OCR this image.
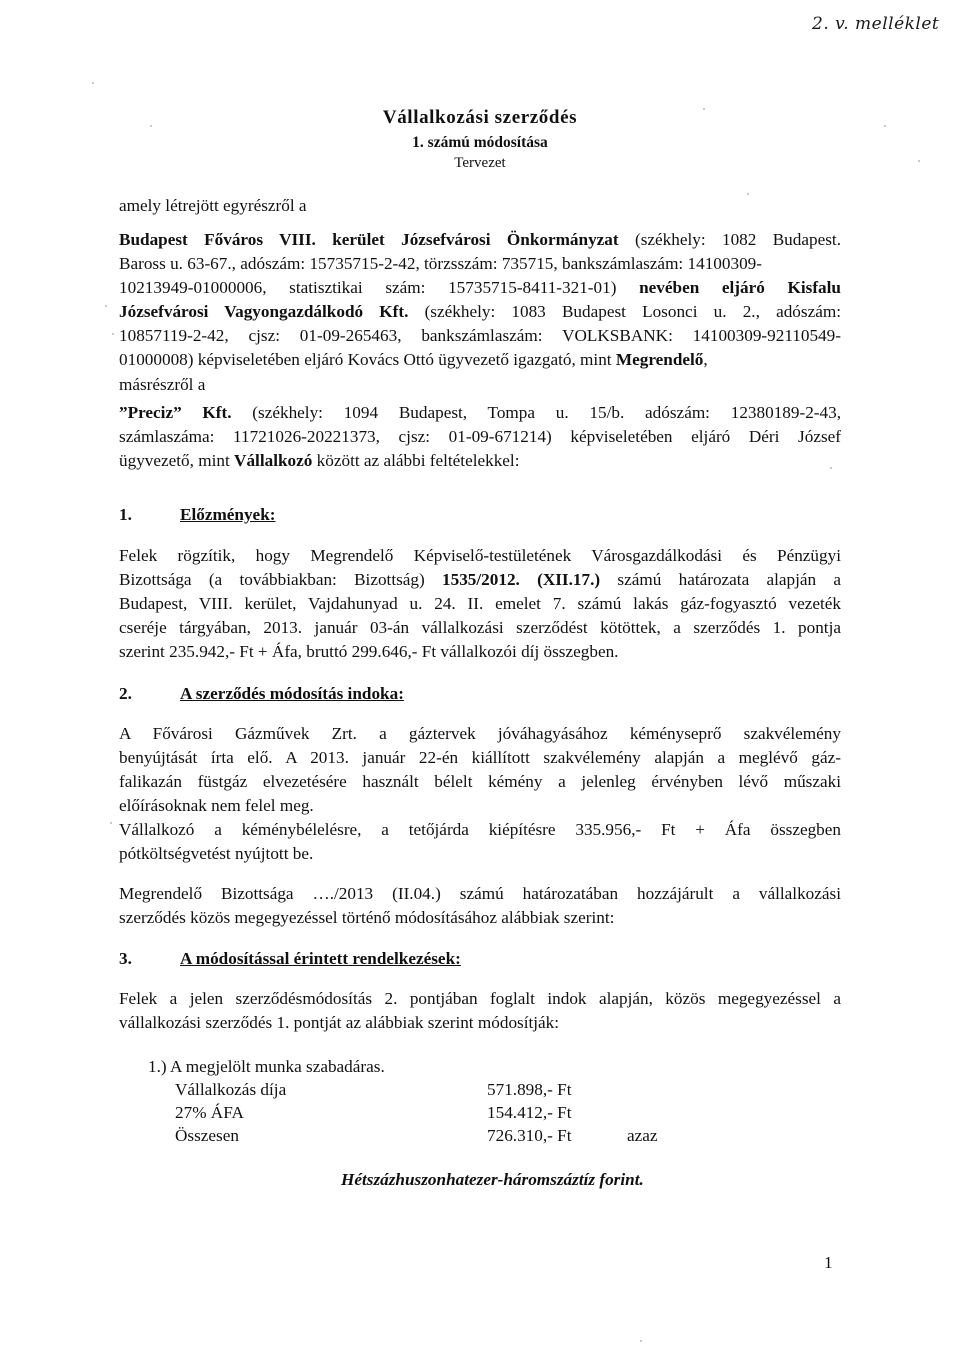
2. v. melléklet
Vállalkozási szerződés
1. számú módosítása
Tervezet
amely létrejött egyrészről a
Budapest Főváros VIII. kerület Józsefvárosi Önkormányzat (székhely: 1082 Budapest.
Baross u. 63-67., adószám: 15735715-2-42, törzsszám: 735715, bankszámlaszám: 14100309-
10213949-01000006, statisztikai szám: 15735715-8411-321-01) nevében eljáró Kisfalu
Józsefvárosi Vagyongazdálkodó Kft. (székhely: 1083 Budapest Losonci u. 2., adószám:
10857119-2-42, cjsz: 01-09-265463, bankszámlaszám: VOLKSBANK: 14100309-92110549-
01000008) képviseletében eljáró Kovács Ottó ügyvezető igazgató, mint Megrendelő,
másrészről a
”Preciz” Kft. (székhely: 1094 Budapest, Tompa u. 15/b. adószám: 12380189-2-43,
számlaszáma: 11721026-20221373, cjsz: 01-09-671214) képviseletében eljáró Déri József
ügyvezető, mint Vállalkozó között az alábbi feltételekkel:
1.	Előzmények:
Felek rögzítik, hogy Megrendelő Képviselő-testületének Városgazdálkodási és Pénzügyi
Bizottsága (a továbbiakban: Bizottság) 1535/2012. (XII.17.) számú határozata alapján a
Budapest, VIII. kerület, Vajdahunyad u. 24. II. emelet 7. számú lakás gáz-fogyasztó vezeték
cseréje tárgyában, 2013. január 03-án vállalkozási szerződést kötöttek, a szerződés 1. pontja
szerint 235.942,- Ft + Áfa, bruttó 299.646,- Ft vállalkozói díj összegben.
2.	A szerződés módosítás indoka:
A Fővárosi Gázművek Zrt. a gáztervek jóváhagyásához kéményseprő szakvélemény
benyújtását írta elő. A 2013. január 22-én kiállított szakvélemény alapján a meglévő gáz-
falikazán füstgáz elvezetésére használt bélelt kémény a jelenleg érvényben lévő műszaki
előírásoknak nem felel meg.
Vállalkozó a kéménybélelésre, a tetőjárda kiépítésre 335.956,- Ft + Áfa összegben
pótköltségvetést nyújtott be.
Megrendelő Bizottsága …./2013 (II.04.) számú határozatában hozzájárult a vállalkozási
szerződés közös megegyezéssel történő módosításához alábbiak szerint:
3.	A módosítással érintett rendelkezések:
Felek a jelen szerződésmódosítás 2. pontjában foglalt indok alapján, közös megegyezéssel a
vállalkozási szerződés 1. pontját az alábbiak szerint módosítják:
1.) A megjelölt munka szabadáras.
Vállalkozás díja	571.898,- Ft
27% ÁFA	154.412,- Ft
Összesen	726.310,- Ft	azaz
Hétszázhuszonhatezer-háromszáztíz forint.
1
